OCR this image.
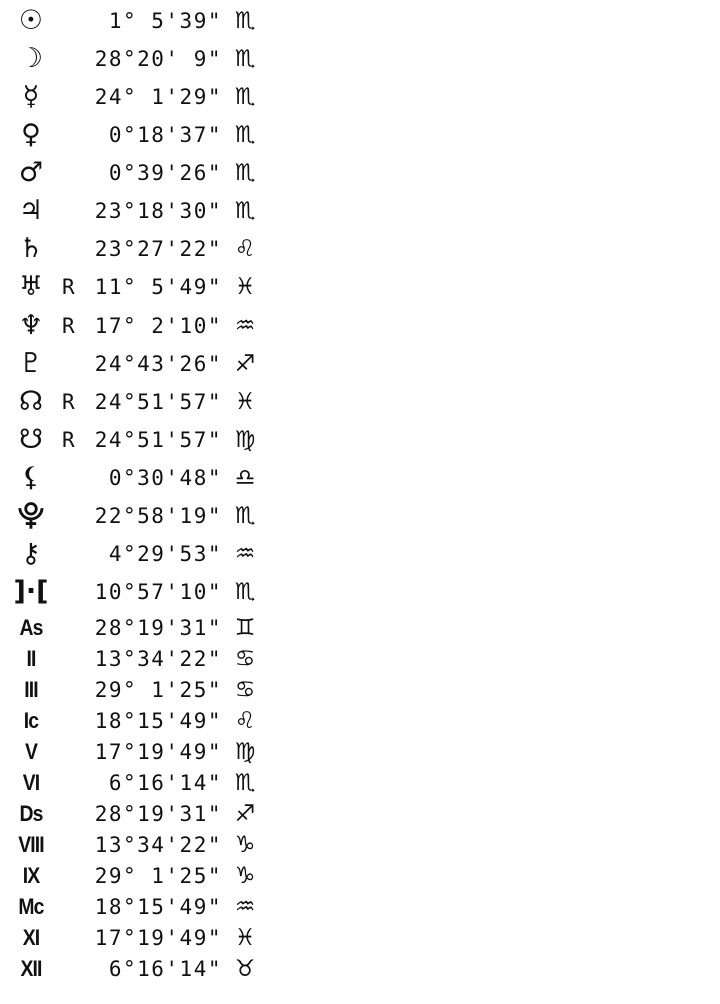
☉	1° 5'39" ♏
☽	28°20' 9" ♏
☿	24° 1'29" ♏
♀	0°18'37" ♏
♂	0°39'26" ♏
♃	23°18'30" ♏
♄	23°27'22" ♌
♅ R 11° 5'49" ♓
♆ R 17° 2'10" ♒
♇	24°43'26" ♐
☊ R 24°51'57" ♓
☋ R 24°51'57" ♍
⚸	0°30'48" ♎
⯓	22°58'19" ♏
⚷	4°29'53" ♒
]·[	10°57'10" ♏
As	28°19'31" ♊
II	13°34'22" ♋
III	29° 1'25" ♋
Ic	18°15'49" ♌
V	17°19'49" ♍
VI	6°16'14" ♏
Ds	28°19'31" ♐
VIII	13°34'22" ♑
IX	29° 1'25" ♑
Mc	18°15'49" ♒
XI	17°19'49" ♓
XII	6°16'14" ♉
